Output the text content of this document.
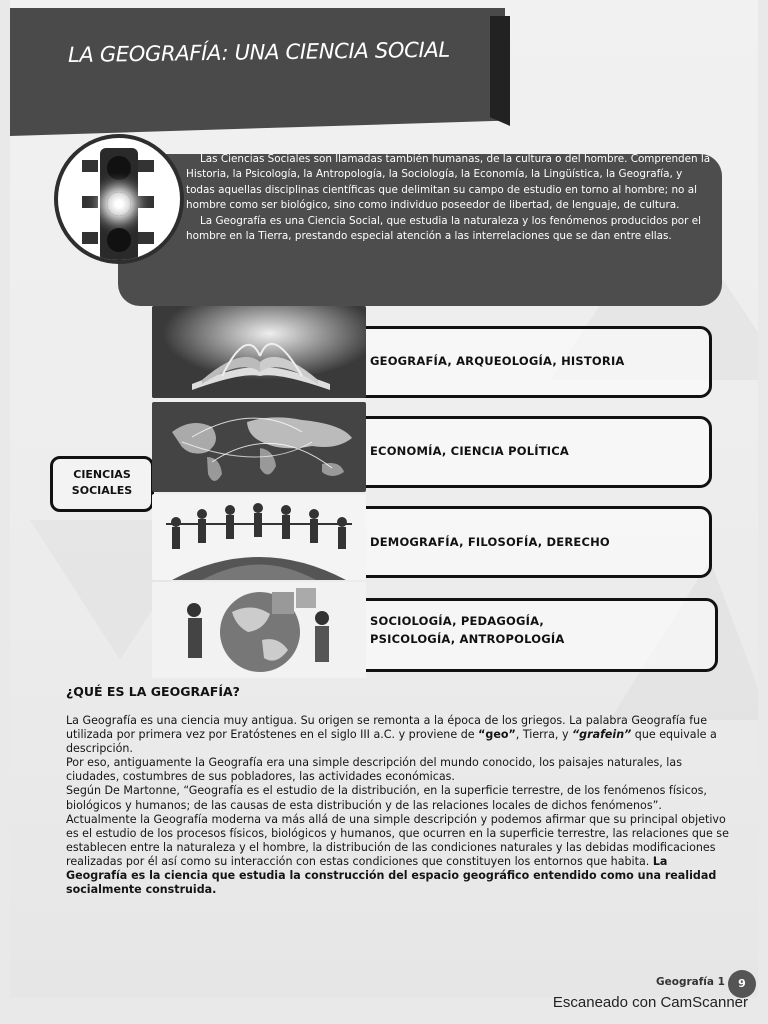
LA GEOGRAFÍA: UNA CIENCIA SOCIAL

Las Ciencias Sociales son llamadas también humanas, de la cultura o del hombre. Comprenden la Historia, la Psicología, la Antropología, la Sociología, la Economía, la Lingüística, la Geografía, y todas aquellas disciplinas científicas que delimitan su campo de estudio en torno al hombre; no al hombre como ser biológico, sino como individuo poseedor de libertad, de lenguaje, de cultura.

La Geografía es una Ciencia Social, que estudia la naturaleza y los fenómenos producidos por el hombre en la Tierra, prestando especial atención a las interrelaciones que se dan entre ellas.

CIENCIAS
SOCIALES
GEOGRAFÍA, ARQUEOLOGÍA, HISTORIA
ECONOMÍA, CIENCIA POLÍTICA
DEMOGRAFÍA, FILOSOFÍA, DERECHO
SOCIOLOGÍA, PEDAGOGÍA,
PSICOLOGÍA, ANTROPOLOGÍA
¿QUÉ ES LA GEOGRAFÍA?

La Geografía es una ciencia muy antigua. Su origen se remonta a la época de los griegos. La palabra Geografía fue utilizada por primera vez por Eratóstenes en el siglo III a.C. y proviene de “geo”, Tierra, y “grafein” que equivale a descripción.

Por eso, antiguamente la Geografía era una simple descripción del mundo conocido, los paisajes naturales, las ciudades, costumbres de sus pobladores, las actividades económicas.

Según De Martonne, “Geografía es el estudio de la distribución, en la superficie terrestre, de los fenómenos físicos, biológicos y humanos; de las causas de esta distribución y de las relaciones locales de dichos fenómenos”.

Actualmente la Geografía moderna va más allá de una simple descripción y podemos afirmar que su principal objetivo es el estudio de los procesos físicos, biológicos y humanos, que ocurren en la superficie terrestre, las relaciones que se establecen entre la naturaleza y el hombre, la distribución de las condiciones naturales y las debidas modificaciones realizadas por él así como su interacción con estas condiciones que constituyen los entornos que habita. La Geografía es la ciencia que estudia la construcción del espacio geográfico entendido como una realidad socialmente construida.

Geografía 1	9
Escaneado con CamScanner
